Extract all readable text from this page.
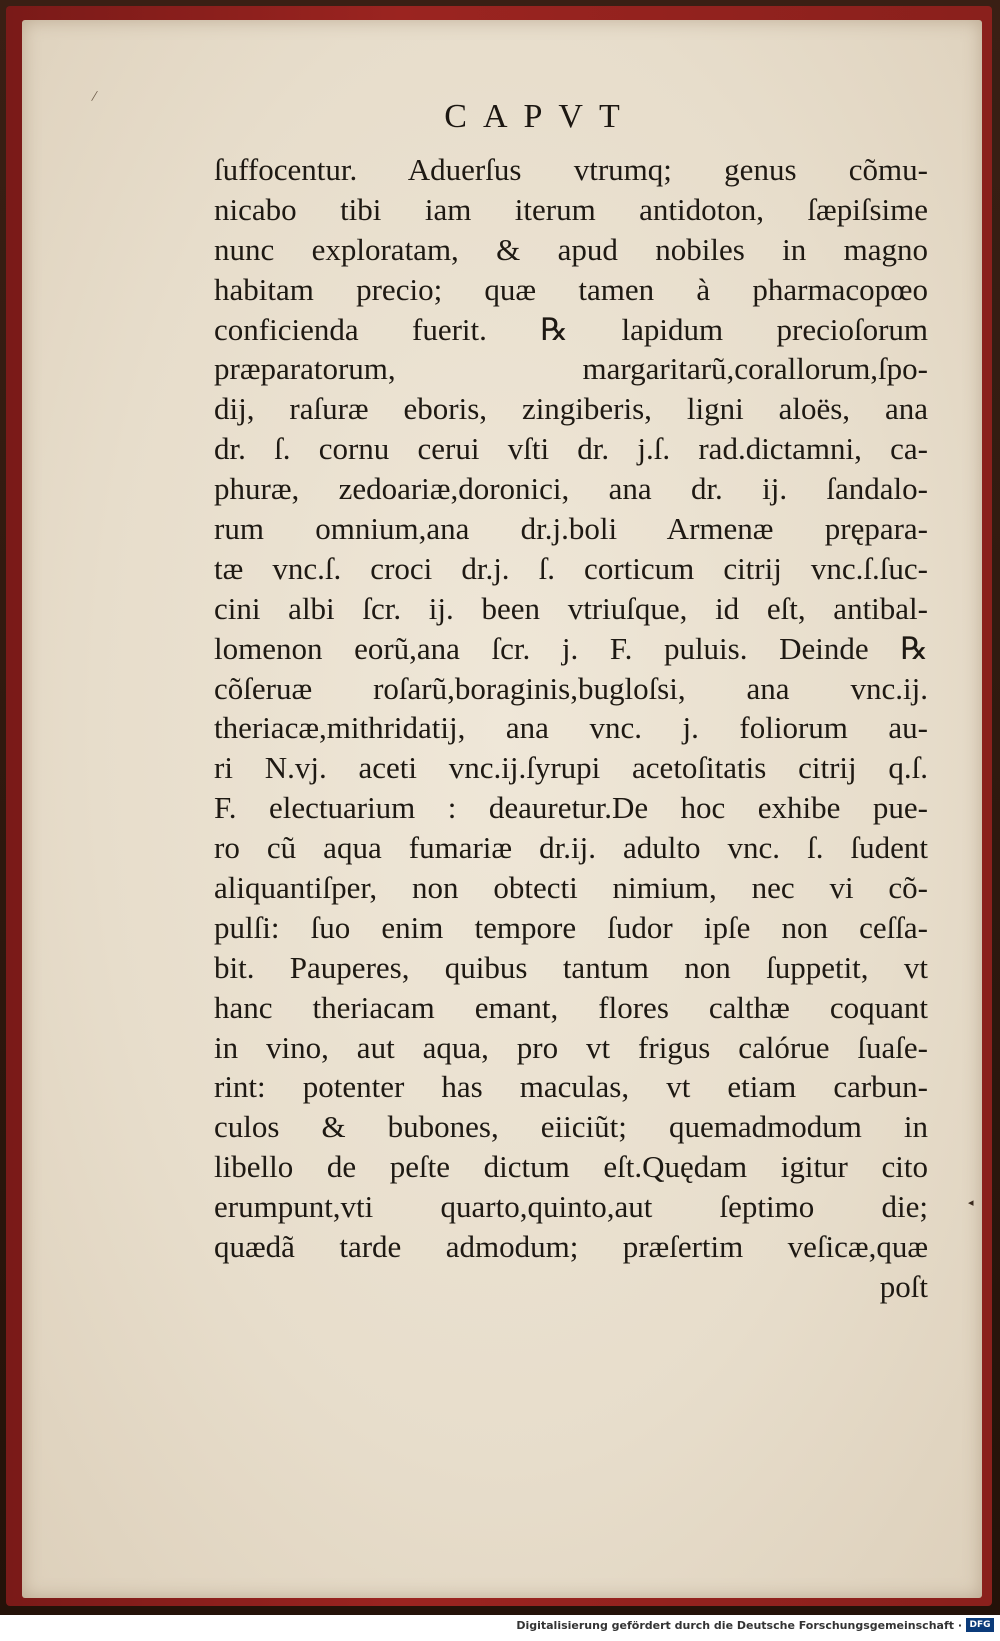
/
CAPVT
ſuffocentur. Aduerſus vtrumq; genus cõmu-
nicabo tibi iam iterum antidoton, ſæpiſsime
nunc exploratam, & apud nobiles in magno
habitam precio; quæ tamen à pharmacopœo
conficienda fuerit. ℞ lapidum precioſorum
præparatorum, margaritarũ,corallorum,ſpo-
dij, raſuræ eboris, zingiberis, ligni aloës, ana
dr. ſ. cornu cerui vſti dr. j.ſ. rad.dictamni, ca-
phuræ, zedoariæ,doronici, ana dr. ij. ſandalo-
rum omnium,ana dr.j.boli Armenæ prępara-
tæ vnc.ſ. croci dr.j. ſ. corticum citrij vnc.ſ.ſuc-
cini albi ſcr. ij. been vtriuſque, id eſt, antibal-
lomenon eorũ,ana ſcr. j. F. puluis. Deinde ℞
cõſeruæ roſarũ,boraginis,bugloſsi, ana vnc.ij.
theriacæ,mithridatij, ana vnc. j. foliorum au-
ri N.vj. aceti vnc.ij.ſyrupi acetoſitatis citrij q.ſ.
F. electuarium : deauretur.De hoc exhibe pue-
ro cũ aqua fumariæ dr.ij. adulto vnc. ſ. ſudent
aliquantiſper, non obtecti nimium, nec vi cõ-
pulſi: ſuo enim tempore ſudor ipſe non ceſſa-
bit. Pauperes, quibus tantum non ſuppetit, vt
hanc theriacam emant, flores calthæ coquant
in vino, aut aqua, pro vt frigus calórue ſuaſe-
rint: potenter has maculas, vt etiam carbun-
culos & bubones, eiiciũt; quemadmodum in
libello de peſte dictum eſt.Quędam igitur cito
erumpunt,vti quarto,quinto,aut ſeptimo die;
quædã tarde admodum; præſertim veſicæ,quæ
poſt
◂
Digitalisierung gefördert durch die Deutsche Forschungsgemeinschaft · DFG
